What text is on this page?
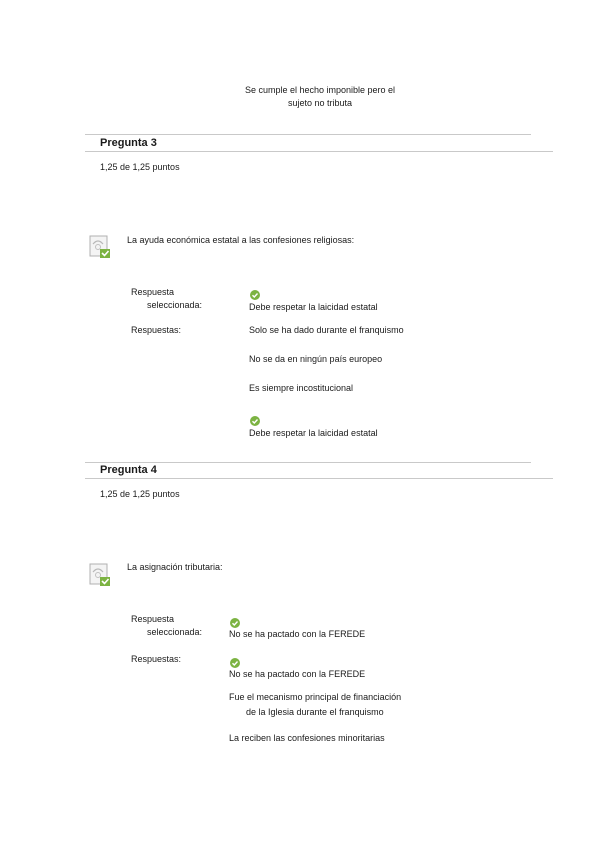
Se cumple el hecho imponible pero el
sujeto no tributa
Pregunta 3
1,25 de 1,25 puntos
La ayuda económica estatal a las confesiones religiosas:
Respuesta
seleccionada:	Debe respetar la laicidad estatal
Respuestas:	Solo se ha dado durante el franquismo
No se da en ningún país europeo
Es siempre incostitucional
Debe respetar la laicidad estatal
Pregunta 4
1,25 de 1,25 puntos
La asignación tributaria:
Respuesta
seleccionada:	No se ha pactado con la FEREDE
Respuestas:
No se ha pactado con la FEREDE
Fue el mecanismo principal de financiación
de la Iglesia durante el franquismo
La reciben las confesiones minoritarias
